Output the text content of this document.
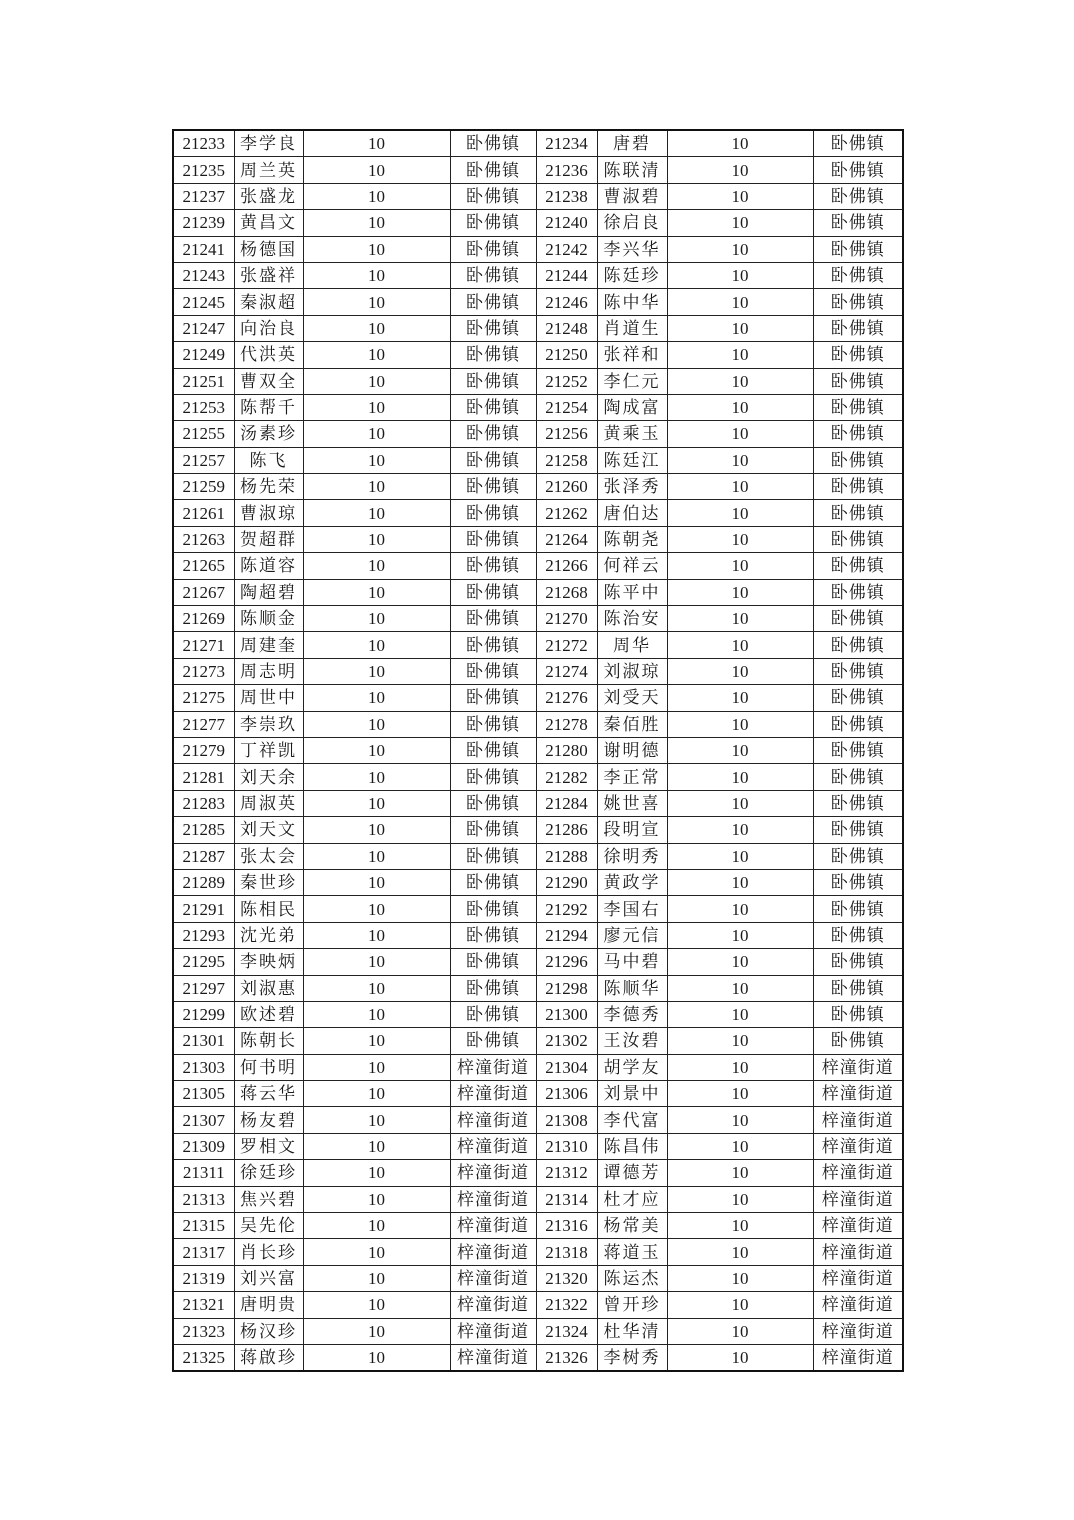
21233	李学良	10	卧佛镇	21234	唐碧	10	卧佛镇
21235	周兰英	10	卧佛镇	21236	陈联清	10	卧佛镇
21237	张盛龙	10	卧佛镇	21238	曹淑碧	10	卧佛镇
21239	黄昌文	10	卧佛镇	21240	徐启良	10	卧佛镇
21241	杨德国	10	卧佛镇	21242	李兴华	10	卧佛镇
21243	张盛祥	10	卧佛镇	21244	陈廷珍	10	卧佛镇
21245	秦淑超	10	卧佛镇	21246	陈中华	10	卧佛镇
21247	向治良	10	卧佛镇	21248	肖道生	10	卧佛镇
21249	代洪英	10	卧佛镇	21250	张祥和	10	卧佛镇
21251	曹双全	10	卧佛镇	21252	李仁元	10	卧佛镇
21253	陈帮千	10	卧佛镇	21254	陶成富	10	卧佛镇
21255	汤素珍	10	卧佛镇	21256	黄乘玉	10	卧佛镇
21257	陈飞	10	卧佛镇	21258	陈廷江	10	卧佛镇
21259	杨先荣	10	卧佛镇	21260	张泽秀	10	卧佛镇
21261	曹淑琼	10	卧佛镇	21262	唐伯达	10	卧佛镇
21263	贺超群	10	卧佛镇	21264	陈朝尧	10	卧佛镇
21265	陈道容	10	卧佛镇	21266	何祥云	10	卧佛镇
21267	陶超碧	10	卧佛镇	21268	陈平中	10	卧佛镇
21269	陈顺金	10	卧佛镇	21270	陈治安	10	卧佛镇
21271	周建奎	10	卧佛镇	21272	周华	10	卧佛镇
21273	周志明	10	卧佛镇	21274	刘淑琼	10	卧佛镇
21275	周世中	10	卧佛镇	21276	刘受天	10	卧佛镇
21277	李崇玖	10	卧佛镇	21278	秦佰胜	10	卧佛镇
21279	丁祥凯	10	卧佛镇	21280	谢明德	10	卧佛镇
21281	刘天余	10	卧佛镇	21282	李正常	10	卧佛镇
21283	周淑英	10	卧佛镇	21284	姚世喜	10	卧佛镇
21285	刘天文	10	卧佛镇	21286	段明宣	10	卧佛镇
21287	张太会	10	卧佛镇	21288	徐明秀	10	卧佛镇
21289	秦世珍	10	卧佛镇	21290	黄政学	10	卧佛镇
21291	陈相民	10	卧佛镇	21292	李国右	10	卧佛镇
21293	沈光弟	10	卧佛镇	21294	廖元信	10	卧佛镇
21295	李映炳	10	卧佛镇	21296	马中碧	10	卧佛镇
21297	刘淑惠	10	卧佛镇	21298	陈顺华	10	卧佛镇
21299	欧述碧	10	卧佛镇	21300	李德秀	10	卧佛镇
21301	陈朝长	10	卧佛镇	21302	王汝碧	10	卧佛镇
21303	何书明	10	梓潼街道	21304	胡学友	10	梓潼街道
21305	蒋云华	10	梓潼街道	21306	刘景中	10	梓潼街道
21307	杨友碧	10	梓潼街道	21308	李代富	10	梓潼街道
21309	罗相文	10	梓潼街道	21310	陈昌伟	10	梓潼街道
21311	徐廷珍	10	梓潼街道	21312	谭德芳	10	梓潼街道
21313	焦兴碧	10	梓潼街道	21314	杜才应	10	梓潼街道
21315	吴先伦	10	梓潼街道	21316	杨常美	10	梓潼街道
21317	肖长珍	10	梓潼街道	21318	蒋道玉	10	梓潼街道
21319	刘兴富	10	梓潼街道	21320	陈运杰	10	梓潼街道
21321	唐明贵	10	梓潼街道	21322	曾开珍	10	梓潼街道
21323	杨汉珍	10	梓潼街道	21324	杜华清	10	梓潼街道
21325	蒋啟珍	10	梓潼街道	21326	李树秀	10	梓潼街道
